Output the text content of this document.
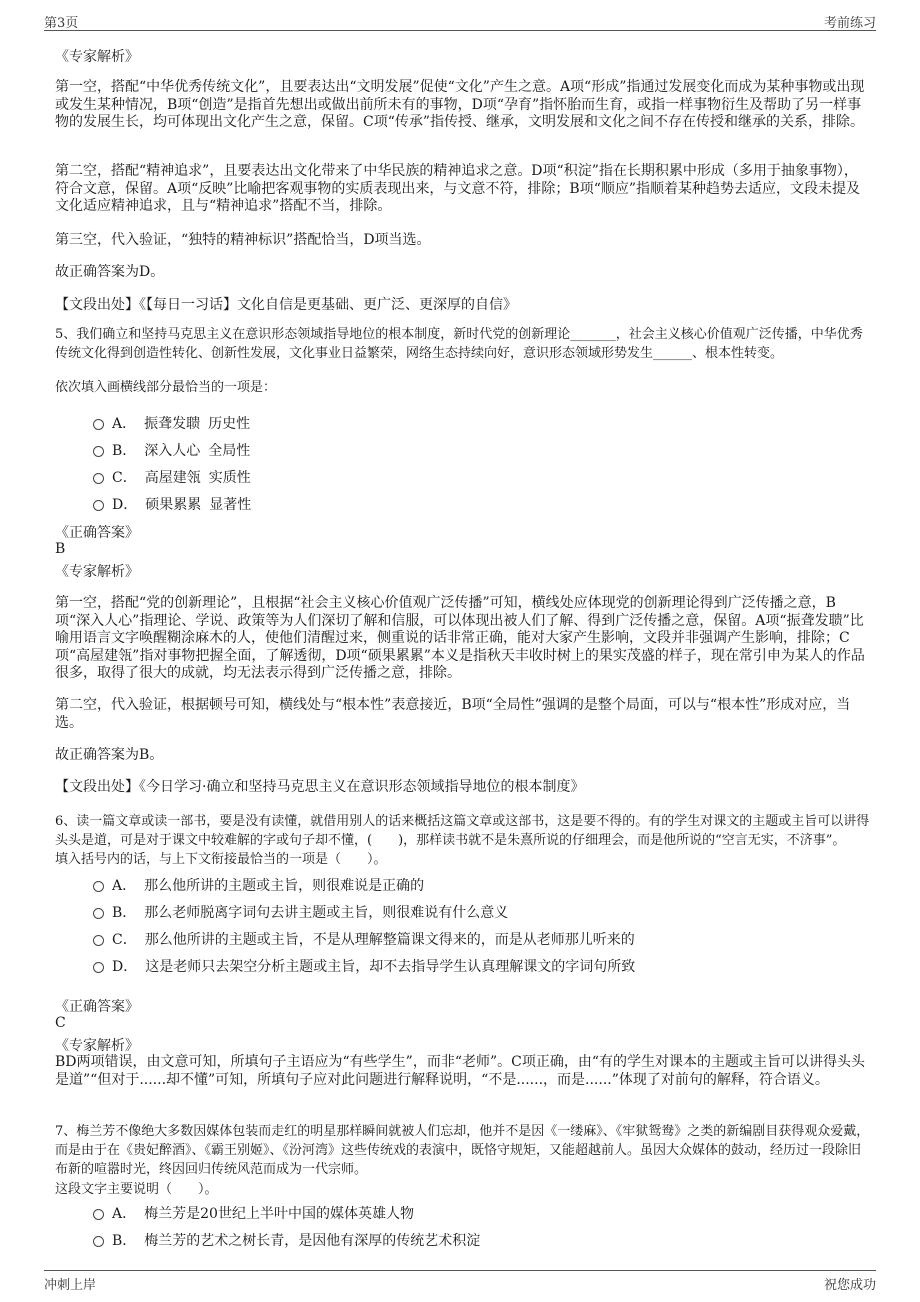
第3页	考前练习
《专家解析》
第一空，搭配“中华优秀传统文化”，且要表达出“文明发展”促使“文化”产生之意。A项“形成”指通过发展变化而成为某种事物或出现或发生某种情况，B项“创造”是指首先想出或做出前所未有的事物，D项“孕育”指怀胎而生育，或指一样事物衍生及帮助了另一样事物的发展生长，均可体现出文化产生之意，保留。C项“传承”指传授、继承，文明发展和文化之间不存在传授和继承的关系，排除。
第二空，搭配“精神追求”，且要表达出文化带来了中华民族的精神追求之意。D项“积淀”指在长期积累中形成（多用于抽象事物），符合文意，保留。A项“反映”比喻把客观事物的实质表现出来，与文意不符，排除；B项“顺应”指顺着某种趋势去适应，文段未提及文化适应精神追求，且与“精神追求”搭配不当，排除。
第三空，代入验证，“独特的精神标识”搭配恰当，D项当选。
故正确答案为D。
【文段出处】《【每日一习话】文化自信是更基础、更广泛、更深厚的自信》
5、我们确立和坚持马克思主义在意识形态领域指导地位的根本制度，新时代党的创新理论_______，社会主义核心价值观广泛传播，中华优秀传统文化得到创造性转化、创新性发展，文化事业日益繁荣，网络生态持续向好，意识形态领域形势发生______、根本性转变。
依次填入画横线部分最恰当的一项是：
A． 振聋发聩 历史性
B． 深入人心 全局性
C． 高屋建瓴 实质性
D． 硕果累累 显著性
《正确答案》
B
《专家解析》
第一空，搭配“党的创新理论”，且根据“社会主义核心价值观广泛传播”可知，横线处应体现党的创新理论得到广泛传播之意，B项“深入人心”指理论、学说、政策等为人们深切了解和信服，可以体现出被人们了解、得到广泛传播之意，保留。A项“振聋发聩”比喻用语言文字唤醒糊涂麻木的人，使他们清醒过来，侧重说的话非常正确，能对大家产生影响，文段并非强调产生影响，排除；C项“高屋建瓴”指对事物把握全面，了解透彻，D项“硕果累累”本义是指秋天丰收时树上的果实茂盛的样子，现在常引申为某人的作品很多，取得了很大的成就，均无法表示得到广泛传播之意，排除。
第二空，代入验证，根据顿号可知，横线处与“根本性”表意接近，B项“全局性”强调的是整个局面，可以与“根本性”形成对应，当选。
故正确答案为B。
【文段出处】《今日学习·确立和坚持马克思主义在意识形态领域指导地位的根本制度》
6、读一篇文章或读一部书，要是没有读懂，就借用别人的话来概括这篇文章或这部书，这是要不得的。有的学生对课文的主题或主旨可以讲得头头是道，可是对于课文中较难解的字或句子却不懂，(　　)，那样读书就不是朱熹所说的仔细理会，而是他所说的“空言无实，不济事”。
填入括号内的话，与上下文衔接最恰当的一项是（　　）。
A． 那么他所讲的主题或主旨，则很难说是正确的
B． 那么老师脱离字词句去讲主题或主旨，则很难说有什么意义
C． 那么他所讲的主题或主旨，不是从理解整篇课文得来的，而是从老师那儿听来的
D． 这是老师只去架空分析主题或主旨，却不去指导学生认真理解课文的字词句所致
《正确答案》
C
《专家解析》
BD两项错误，由文意可知，所填句子主语应为“有些学生”，而非“老师”。C项正确，由“有的学生对课本的主题或主旨可以讲得头头是道”“但对于......却不懂”可知，所填句子应对此问题进行解释说明，“不是......，而是......”体现了对前句的解释，符合语义。
7、梅兰芳不像绝大多数因媒体包装而走红的明星那样瞬间就被人们忘却，他并不是因《一缕麻》、《牢狱鸳鸯》之类的新编剧目获得观众爱戴，而是由于在《贵妃醉酒》、《霸王别姬》、《汾河湾》这些传统戏的表演中，既恪守规矩，又能超越前人。虽因大众媒体的鼓动，经历过一段除旧布新的喧嚣时光，终因回归传统风范而成为一代宗师。
这段文字主要说明（　　）。
A． 梅兰芳是20世纪上半叶中国的媒体英雄人物
B． 梅兰芳的艺术之树长青，是因他有深厚的传统艺术积淀
冲刺上岸	祝您成功
